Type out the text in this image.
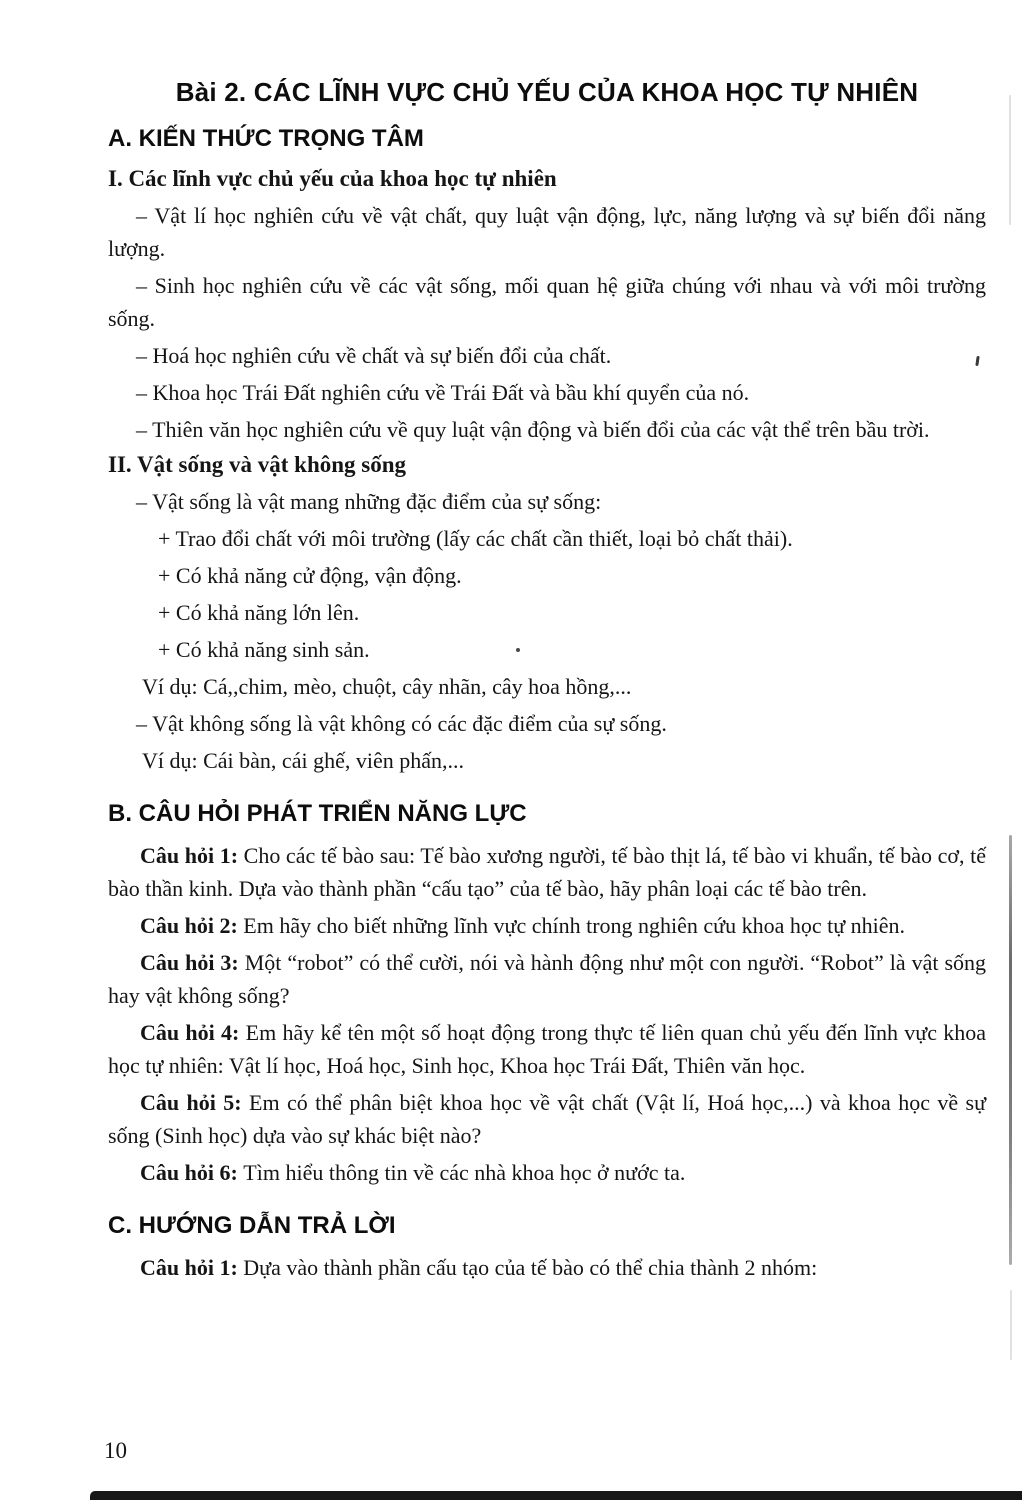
Bài 2. CÁC LĨNH VỰC CHỦ YẾU CỦA KHOA HỌC TỰ NHIÊN
A. KIẾN THỨC TRỌNG TÂM
I. Các lĩnh vực chủ yếu của khoa học tự nhiên

– Vật lí học nghiên cứu về vật chất, quy luật vận động, lực, năng lượng và sự biến đổi năng lượng.

– Sinh học nghiên cứu về các vật sống, mối quan hệ giữa chúng với nhau và với môi trường sống.

– Hoá học nghiên cứu về chất và sự biến đổi của chất.

– Khoa học Trái Đất nghiên cứu về Trái Đất và bầu khí quyển của nó.

– Thiên văn học nghiên cứu về quy luật vận động và biến đổi của các vật thể trên bầu trời.

II. Vật sống và vật không sống

– Vật sống là vật mang những đặc điểm của sự sống:

+ Trao đổi chất với môi trường (lấy các chất cần thiết, loại bỏ chất thải).

+ Có khả năng cử động, vận động.

+ Có khả năng lớn lên.

+ Có khả năng sinh sản.

Ví dụ: Cá,,chim, mèo, chuột, cây nhãn, cây hoa hồng,...

– Vật không sống là vật không có các đặc điểm của sự sống.

Ví dụ: Cái bàn, cái ghế, viên phấn,...

B. CÂU HỎI PHÁT TRIỂN NĂNG LỰC

Câu hỏi 1: Cho các tế bào sau: Tế bào xương người, tế bào thịt lá, tế bào vi khuẩn, tế bào cơ, tế bào thần kinh. Dựa vào thành phần “cấu tạo” của tế bào, hãy phân loại các tế bào trên.

Câu hỏi 2: Em hãy cho biết những lĩnh vực chính trong nghiên cứu khoa học tự nhiên.

Câu hỏi 3: Một “robot” có thể cười, nói và hành động như một con người. “Robot” là vật sống hay vật không sống?

Câu hỏi 4: Em hãy kể tên một số hoạt động trong thực tế liên quan chủ yếu đến lĩnh vực khoa học tự nhiên: Vật lí học, Hoá học, Sinh học, Khoa học Trái Đất, Thiên văn học.

Câu hỏi 5: Em có thể phân biệt khoa học về vật chất (Vật lí, Hoá học,...) và khoa học về sự sống (Sinh học) dựa vào sự khác biệt nào?

Câu hỏi 6: Tìm hiểu thông tin về các nhà khoa học ở nước ta.

C. HƯỚNG DẪN TRẢ LỜI

Câu hỏi 1: Dựa vào thành phần cấu tạo của tế bào có thể chia thành 2 nhóm:

10
